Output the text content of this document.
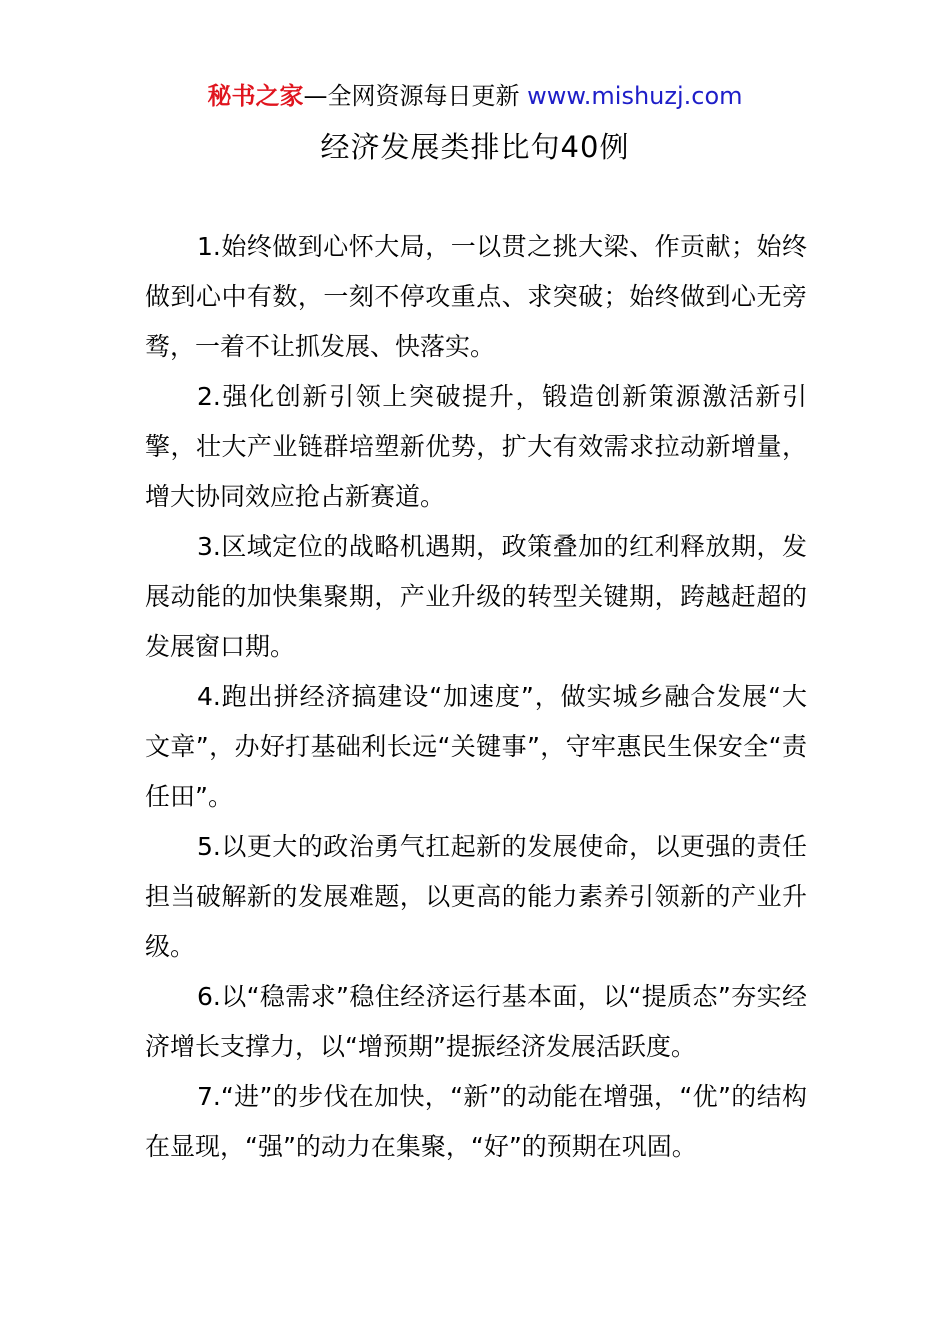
秘书之家—全网资源每日更新 www.mishuzj.com
经济发展类排比句40例

1.始终做到心怀大局，一以贯之挑大梁、作贡献；始终做到心中有数，一刻不停攻重点、求突破；始终做到心无旁骛，一着不让抓发展、快落实。

2.强化创新引领上突破提升，锻造创新策源激活新引擎，壮大产业链群培塑新优势，扩大有效需求拉动新增量，增大协同效应抢占新赛道。

3.区域定位的战略机遇期，政策叠加的红利释放期，发展动能的加快集聚期，产业升级的转型关键期，跨越赶超的发展窗口期。

4.跑出拼经济搞建设“加速度”，做实城乡融合发展“大文章”，办好打基础利长远“关键事”，守牢惠民生保安全“责任田”。

5.以更大的政治勇气扛起新的发展使命，以更强的责任担当破解新的发展难题，以更高的能力素养引领新的产业升级。

6.以“稳需求”稳住经济运行基本面，以“提质态”夯实经济增长支撑力，以“增预期”提振经济发展活跃度。

7.“进”的步伐在加快，“新”的动能在增强，“优”的结构在显现，“强”的动力在集聚，“好”的预期在巩固。
